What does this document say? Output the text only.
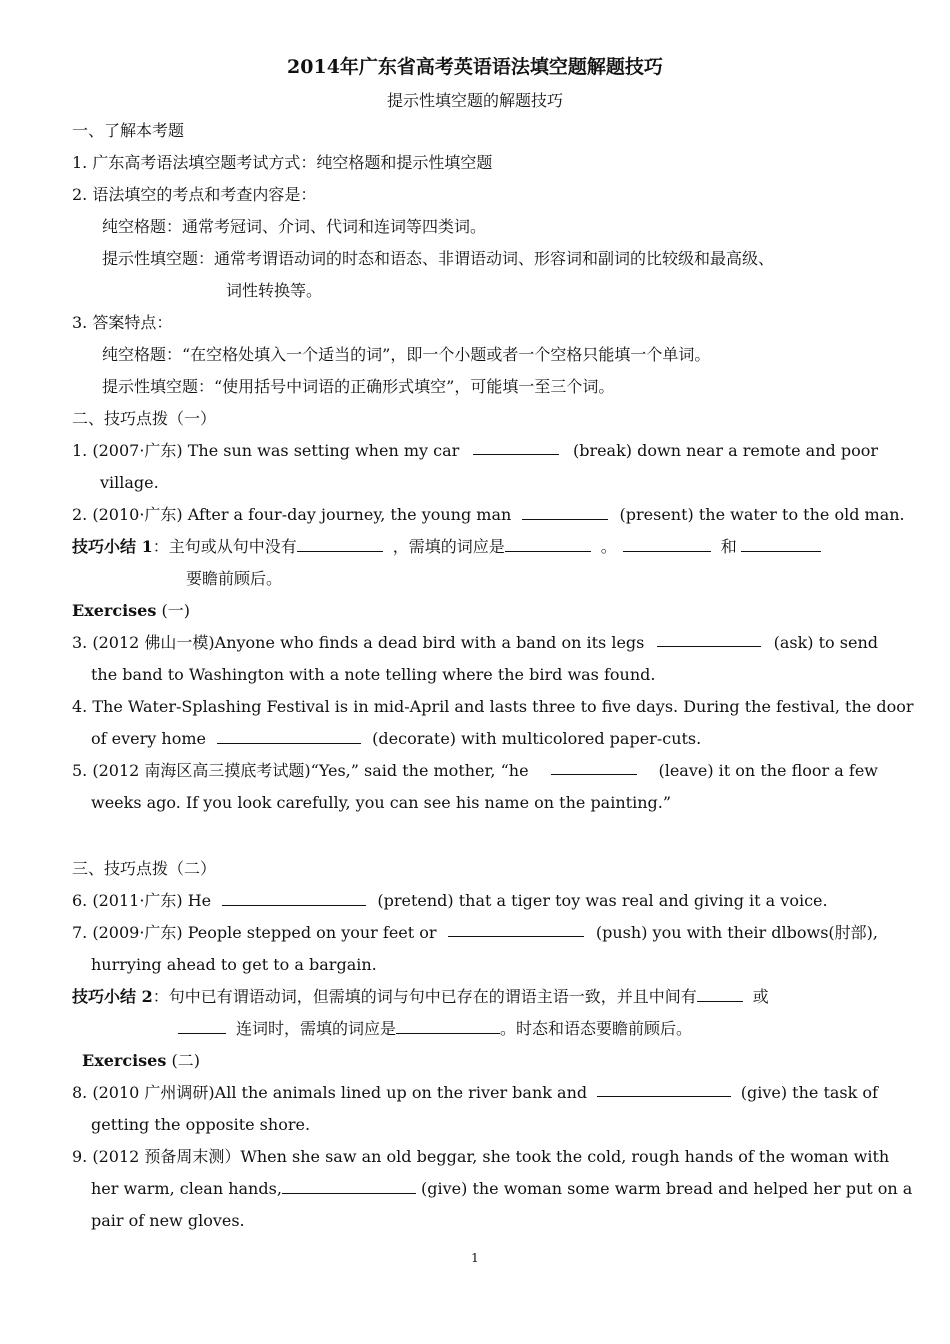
2014年广东省高考英语语法填空题解题技巧
提示性填空题的解题技巧
一、了解本考题
1. 广东高考语法填空题考试方式：纯空格题和提示性填空题
2. 语法填空的考点和考查内容是：
纯空格题：通常考冠词、介词、代词和连词等四类词。
提示性填空题：通常考谓语动词的时态和语态、非谓语动词、形容词和副词的比较级和最高级、
词性转换等。
3. 答案特点：
纯空格题：“在空格处填入一个适当的词”，即一个小题或者一个空格只能填一个单词。
提示性填空题：“使用括号中词语的正确形式填空”，可能填一至三个词。
二、技巧点拨（一）
1. (2007·广东) The sun was setting when my car	(break) down near a remote and poor
village.
2. (2010·广东) After a four-day journey, the young man	(present) the water to the old man.
技巧小结 1：主句或从句中没有	，需填的词应是	。	和
要瞻前顾后。
Exercises (一)
3. (2012 佛山一模)Anyone who finds a dead bird with a band on its legs	(ask) to send
the band to Washington with a note telling where the bird was found.
4. The Water-Splashing Festival is in mid-April and lasts three to five days. During the festival, the door
of every home	(decorate) with multicolored paper-cuts.
5. (2012 南海区高三摸底考试题)“Yes,” said the mother, “he	(leave) it on the floor a few
weeks ago. If you look carefully, you can see his name on the painting.”
三、技巧点拨（二）
6. (2011·广东) He	(pretend) that a tiger toy was real and giving it a voice.
7. (2009·广东) People stepped on your feet or	(push) you with their dlbows(肘部),
hurrying ahead to get to a bargain.
技巧小结 2：句中已有谓语动词，但需填的词与句中已存在的谓语主语一致，并且中间有	或
连词时，需填的词应是	。时态和语态要瞻前顾后。
Exercises (二)
8. (2010 广州调研)All the animals lined up on the river bank and	(give) the task of
getting the opposite shore.
9. (2012 预备周末测）When she saw an old beggar, she took the cold, rough hands of the woman with
her warm, clean hands,	(give) the woman some warm bread and helped her put on a
pair of new gloves.
1
